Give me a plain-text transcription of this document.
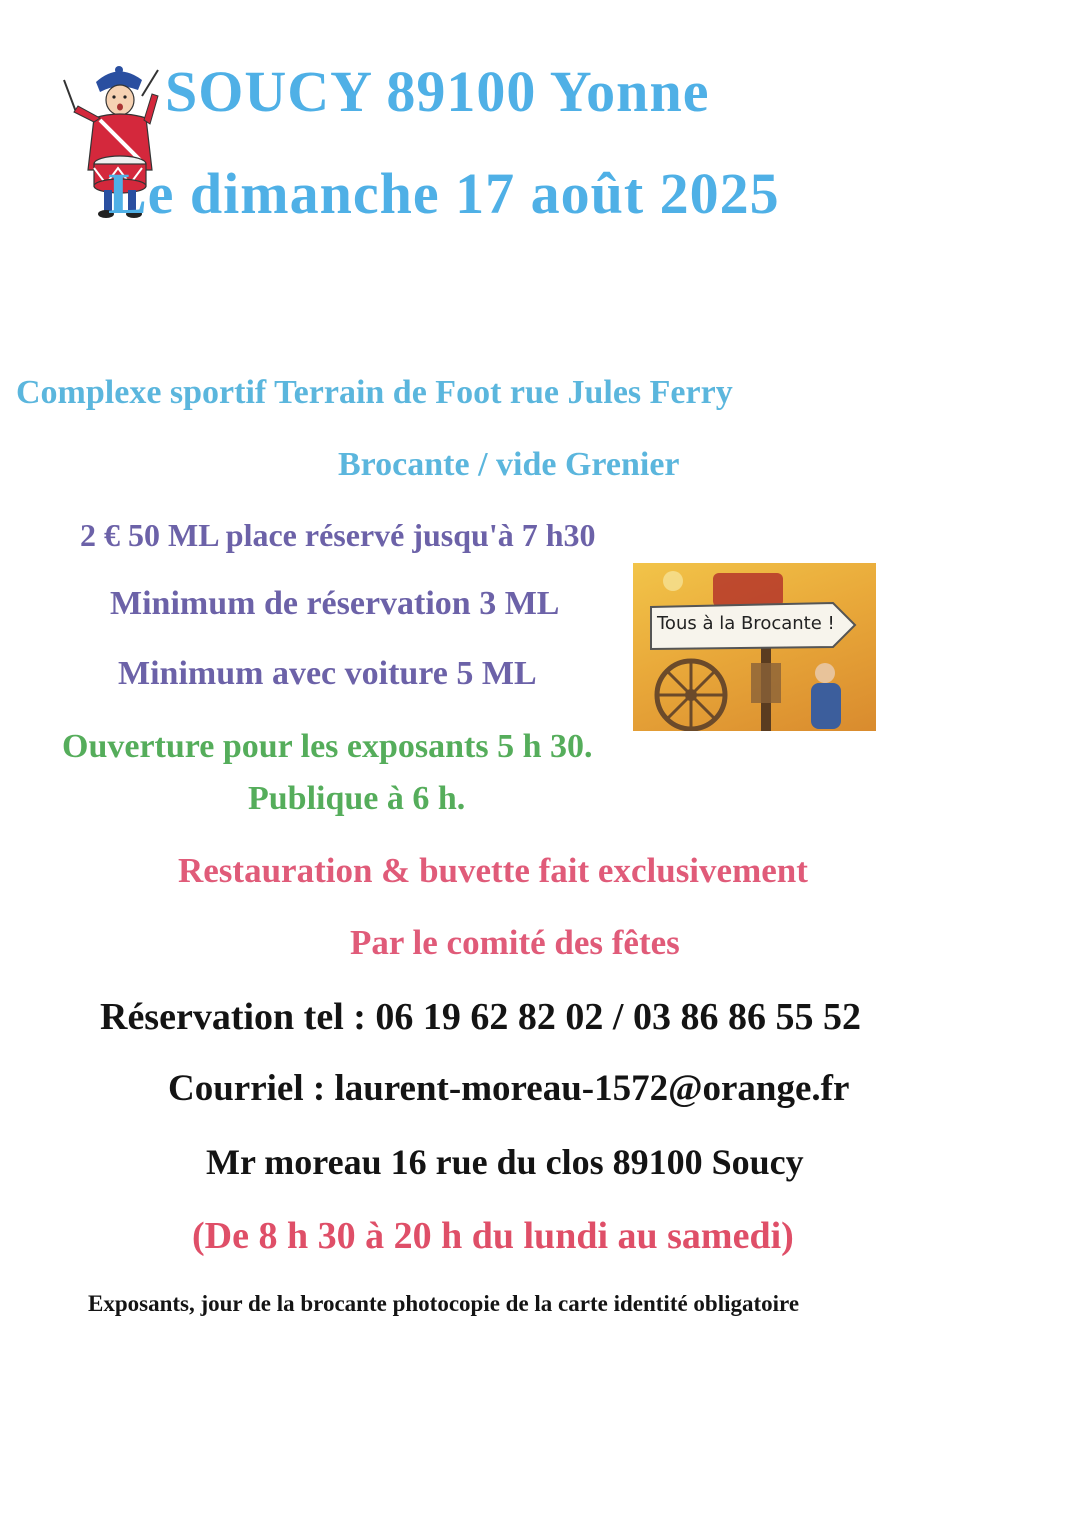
SOUCY 89100 Yonne
Le dimanche 17 août 2025
Complexe sportif Terrain de Foot rue Jules Ferry
Brocante / vide Grenier
2 € 50 ML place réservé jusqu'à 7 h30
Minimum de réservation 3 ML
Minimum avec voiture 5 ML
Tous à la Brocante !
Ouverture pour les exposants 5 h 30.
Publique à 6 h.
Restauration & buvette fait exclusivement
Par le comité des fêtes
Réservation tel : 06 19 62 82 02 / 03 86 86 55 52
Courriel : laurent-moreau-1572@orange.fr
Mr moreau 16 rue du clos 89100 Soucy
(De 8 h 30 à 20 h du lundi au samedi)
Exposants, jour de la brocante photocopie de la carte identité obligatoire
